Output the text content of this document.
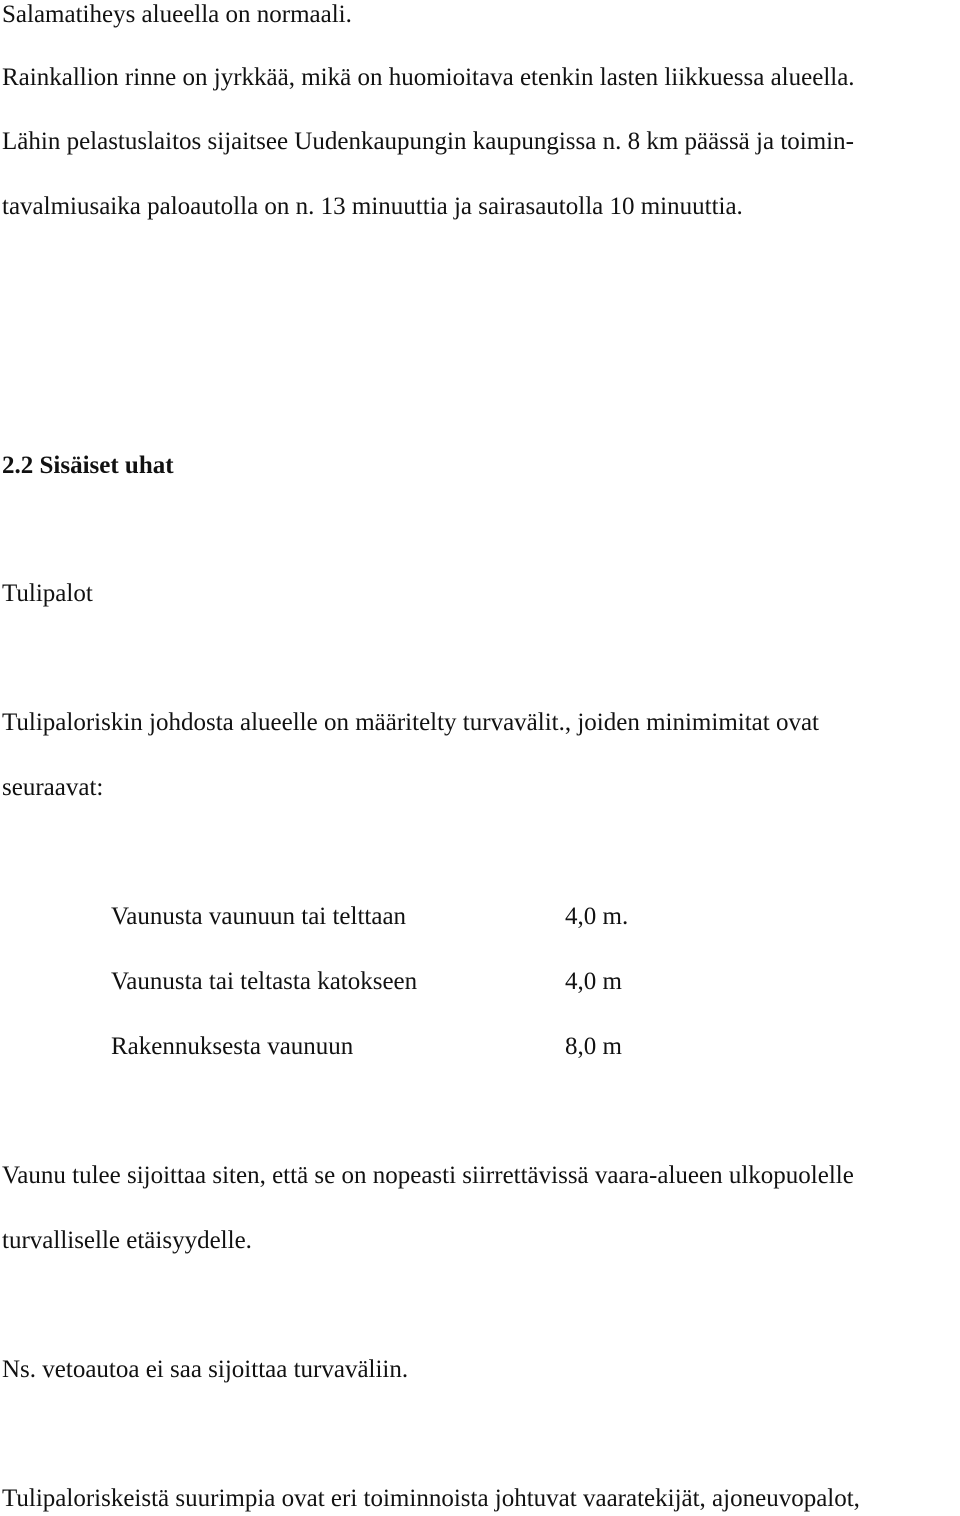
Salamatiheys alueella on normaali.
Rainkallion rinne on jyrkkää, mikä on huomioitava etenkin lasten liikkuessa alueella.
Lähin pelastuslaitos sijaitsee Uudenkaupungin kaupungissa n. 8 km päässä ja toimin-
tavalmiusaika paloautolla on n. 13 minuuttia ja sairasautolla 10 minuuttia.
2.2 Sisäiset uhat
Tulipalot
Tulipaloriskin johdosta alueelle on määritelty turvavälit., joiden minimimitat ovat
seuraavat:
Vaunusta vaunuun tai telttaan	4,0 m.
Vaunusta tai teltasta katokseen	4,0 m
Rakennuksesta vaunuun	8,0 m
Vaunu tulee sijoittaa siten, että se on nopeasti siirrettävissä vaara-alueen ulkopuolelle
turvalliselle etäisyydelle.
Ns. vetoautoa ei saa sijoittaa turvaväliin.
Tulipaloriskeistä suurimpia ovat eri toiminnoista johtuvat vaaratekijät, ajoneuvopalot,
